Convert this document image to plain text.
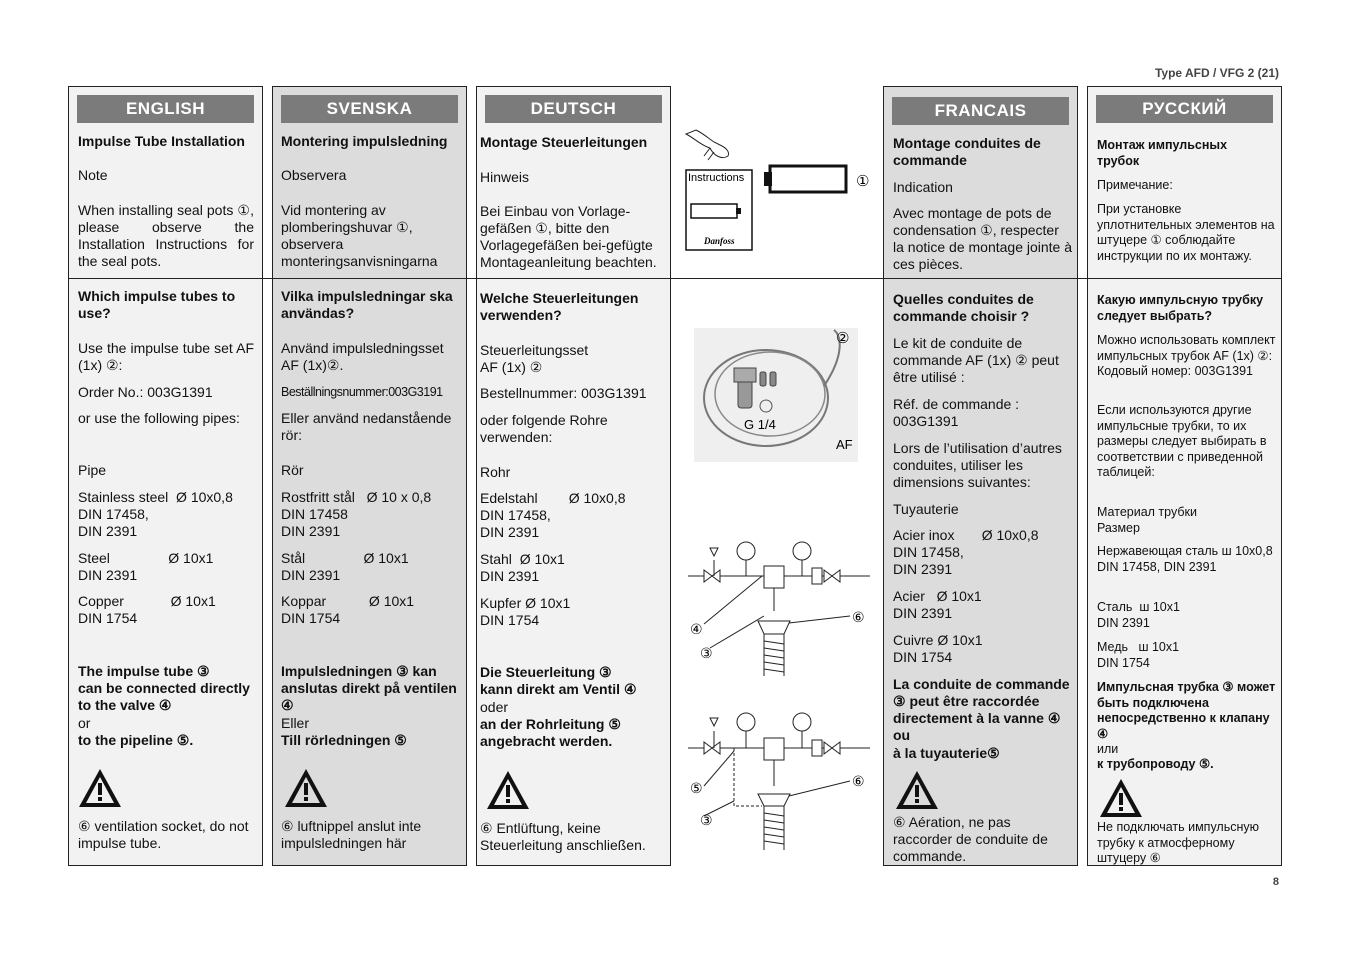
Type AFD / VFG 2 (21)
8
ENGLISH
Impulse Tube Installation
Note
When installing seal pots ①, please observe the Installation Instructions for the seal pots.
Which impulse tubes to use?
Use the impulse tube set AF (1x) ②:
Order No.: 003G1391
or use the following pipes:
Pipe
Stainless steel  Ø 10x0,8
DIN 17458,
DIN 2391
Steel               Ø 10x1
DIN 2391
Copper            Ø 10x1
DIN 1754
The impulse tube ③
can be connected directly to the valve ④
or
to the pipeline ⑤.
⑥ ventilation socket, do not impulse tube.
SVENSKA
Montering impulsledning
Observera
Vid montering av plomberingshuvar ①, observera monteringsanvisningarna
Vilka impulsledningar ska användas?
Använd impulsledningsset AF (1x)②.
Beställningsnummer:003G3191
Eller använd nedanstående rör:
Rör
Rostfritt stål   Ø 10 x 0,8
DIN 17458
DIN 2391
Stål               Ø 10x1
DIN 2391
Koppar           Ø 10x1
DIN 1754
Impulsledningen ③ kan anslutas direkt på ventilen ④
Eller
Till rörledningen ⑤
⑥ luftnippel anslut inte impulsledningen här
DEUTSCH
Montage Steuerleitungen
Hinweis
Bei Einbau von Vorlage-gefäßen ①, bitte den Vorlagegefäßen bei-gefügte Montageanleitung beachten.
Welche Steuerleitungen verwenden?
Steuerleitungsset
AF (1x) ②
Bestellnummer: 003G1391
oder folgende Rohre verwenden:
Rohr
Edelstahl        Ø 10x0,8
DIN 17458,
DIN 2391
Stahl  Ø 10x1
DIN 2391
Kupfer Ø 10x1
DIN 1754
Die Steuerleitung ③
kann direkt am Ventil ④
oder
an der Rohrleitung ⑤ angebracht werden.
⑥ Entlüftung, keine Steuerleitung anschließen.
Instructions
Danfoss
①
②
G 1/4
AF
④
③
⑥
⑤
③
⑥
FRANCAIS
Montage conduites de commande
Indication
Avec montage de pots de condensation ①, respecter la notice de montage jointe à ces pièces.
Quelles conduites de commande choisir ?
Le kit de conduite de commande AF (1x) ② peut être utilisé :
Réf. de commande : 003G1391
Lors de l’utilisation d’autres conduites, utiliser les dimensions suivantes:
Tuyauterie
Acier inox       Ø 10x0,8
DIN 17458,
DIN 2391
Acier   Ø 10x1
DIN 2391
Cuivre Ø 10x1
DIN 1754
La conduite de commande ③ peut être raccordée directement à la vanne ④
ou
à la tuyauterie⑤
⑥ Aération, ne pas raccorder de conduite de commande.
РУССКИЙ
Монтаж импульсных трубок
Примечание:
При установке уплотнительных элементов на штуцере ① соблюдайте инструкции по их монтажу.
Какую импульсную трубку следует выбрать?
Можно использовать комплект импульсных трубок AF (1x) ②:
Кодовый номер: 003G1391
Если используются другие импульсные трубки, то их размеры следует выбирать в соответствии с приведенной таблицей:
Материал трубки
Размер
Нержавеющая сталь ш 10x0,8
DIN 17458, DIN 2391
Сталь  ш 10x1
DIN 2391
Медь   ш 10x1
DIN 1754
Импульсная трубка ③ может быть подключена непосредственно к клапану ④
или
к трубопроводу ⑤.
Не подключать импульсную трубку к атмосферному штуцеру ⑥
